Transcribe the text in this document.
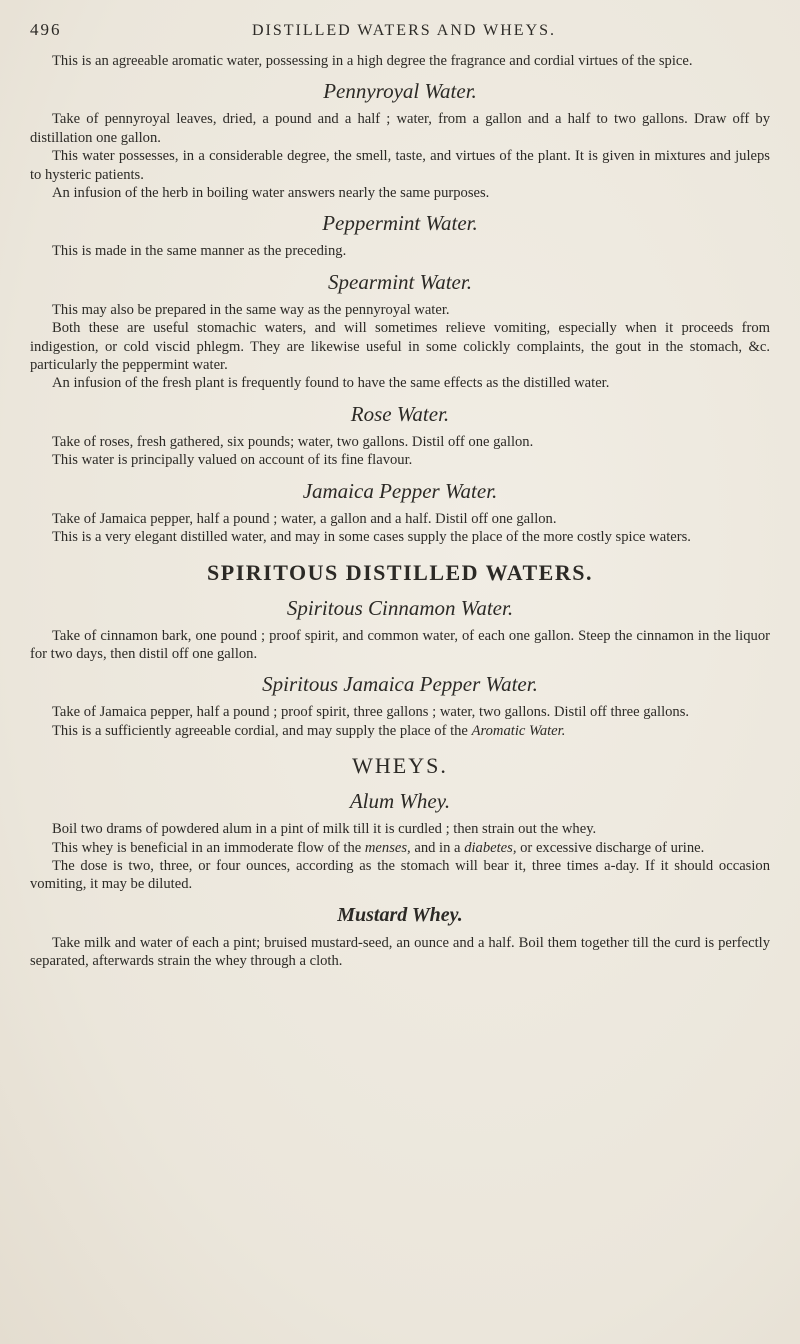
496	DISTILLED WATERS AND WHEYS.

This is an agreeable aromatic water, possessing in a high degree the fragrance and cordial virtues of the spice.

Pennyroyal Water.

Take of pennyroyal leaves, dried, a pound and a half ; water, from a gallon and a half to two gallons. Draw off by distillation one gallon.

This water possesses, in a considerable degree, the smell, taste, and virtues of the plant. It is given in mixtures and juleps to hysteric patients.

An infusion of the herb in boiling water answers nearly the same purposes.

Peppermint Water.

This is made in the same manner as the preceding.

Spearmint Water.

This may also be prepared in the same way as the pennyroyal water.

Both these are useful stomachic waters, and will sometimes relieve vomiting, especially when it proceeds from indigestion, or cold viscid phlegm. They are likewise useful in some colickly complaints, the gout in the stomach, &c. particularly the peppermint water.

An infusion of the fresh plant is frequently found to have the same effects as the distilled water.

Rose Water.

Take of roses, fresh gathered, six pounds; water, two gallons. Distil off one gallon.

This water is principally valued on account of its fine flavour.

Jamaica Pepper Water.

Take of Jamaica pepper, half a pound ; water, a gallon and a half. Distil off one gallon.

This is a very elegant distilled water, and may in some cases supply the place of the more costly spice waters.

SPIRITOUS DISTILLED WATERS.
Spiritous Cinnamon Water.

Take of cinnamon bark, one pound ; proof spirit, and common water, of each one gallon. Steep the cinnamon in the liquor for two days, then distil off one gallon.

Spiritous Jamaica Pepper Water.

Take of Jamaica pepper, half a pound ; proof spirit, three gallons ; water, two gallons. Distil off three gallons.

This is a sufficiently agreeable cordial, and may supply the place of the Aromatic Water.

WHEYS.
Alum Whey.

Boil two drams of powdered alum in a pint of milk till it is curdled ; then strain out the whey.

This whey is beneficial in an immoderate flow of the menses, and in a diabetes, or excessive discharge of urine.

The dose is two, three, or four ounces, according as the stomach will bear it, three times a-day. If it should occasion vomiting, it may be diluted.

Mustard Whey.

Take milk and water of each a pint; bruised mustard-seed, an ounce and a half. Boil them together till the curd is perfectly separated, afterwards strain the whey through a cloth.
